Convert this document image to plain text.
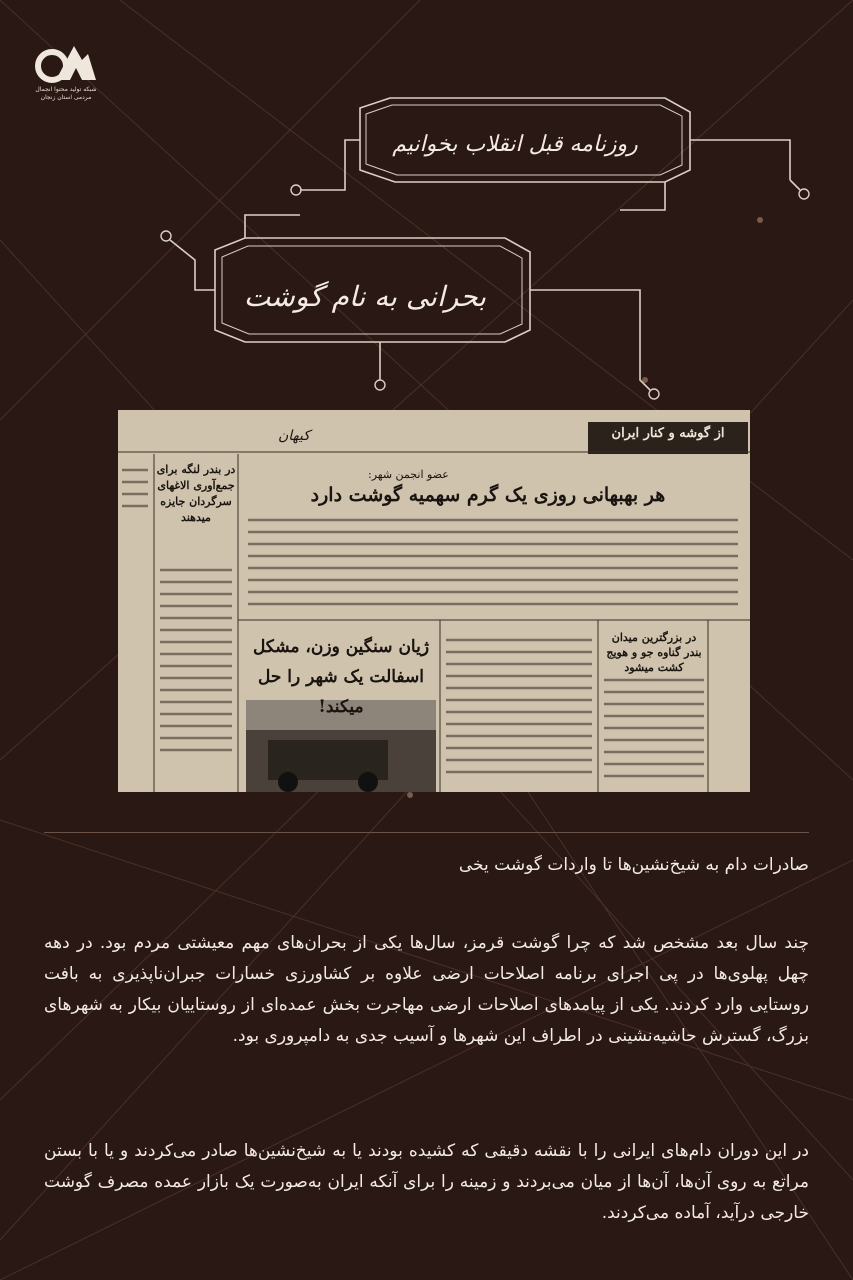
شبکه تولید محتوا انجمال مردمی استان زنجان
روزنامه قبل انقلاب بخوانیم
بحرانی به نام گوشت
از گوشه و کنار ایران
کیهان
عضو انجمن شهر:
هر بهبهانی روزی یک گرم سهمیه گوشت دارد
در بندر لنگه برای جمع‌آوری الاغهای سرگردان جایزه میدهند
ژیان سنگین وزن، مشکل اسفالت یک شهر را حل میکند!
در بزرگترین میدان بندر گناوه جو و هویج کشت میشود
صادرات دام به شیخ‌نشین‌ها تا واردات گوشت یخی
چند سال بعد مشخص شد که چرا گوشت قرمز، سال‌ها یکی از بحران‌های مهم معیشتی مردم بود. در دهه چهل پهلوی‌ها در پی اجرای برنامه اصلاحات ارضی علاوه بر کشاورزی خسارات جبران‌ناپذیری به بافت روستایی وارد کردند. یکی از پیامدهای اصلاحات ارضی مهاجرت بخش عمده‌ای از روستاییان بیکار به شهرهای بزرگ، گسترش حاشیه‌نشینی در اطراف این شهرها و آسیب جدی به دامپروری بود.
در این دوران دام‌های ایرانی را با نقشه دقیقی که کشیده بودند یا به شیخ‌نشین‌ها صادر می‌کردند و یا با بستن مراتع به روی آن‌ها، آن‌ها از میان می‌بردند و زمینه را برای آنکه ایران به‌صورت یک بازار عمده مصرف گوشت خارجی درآید، آماده می‌کردند.
